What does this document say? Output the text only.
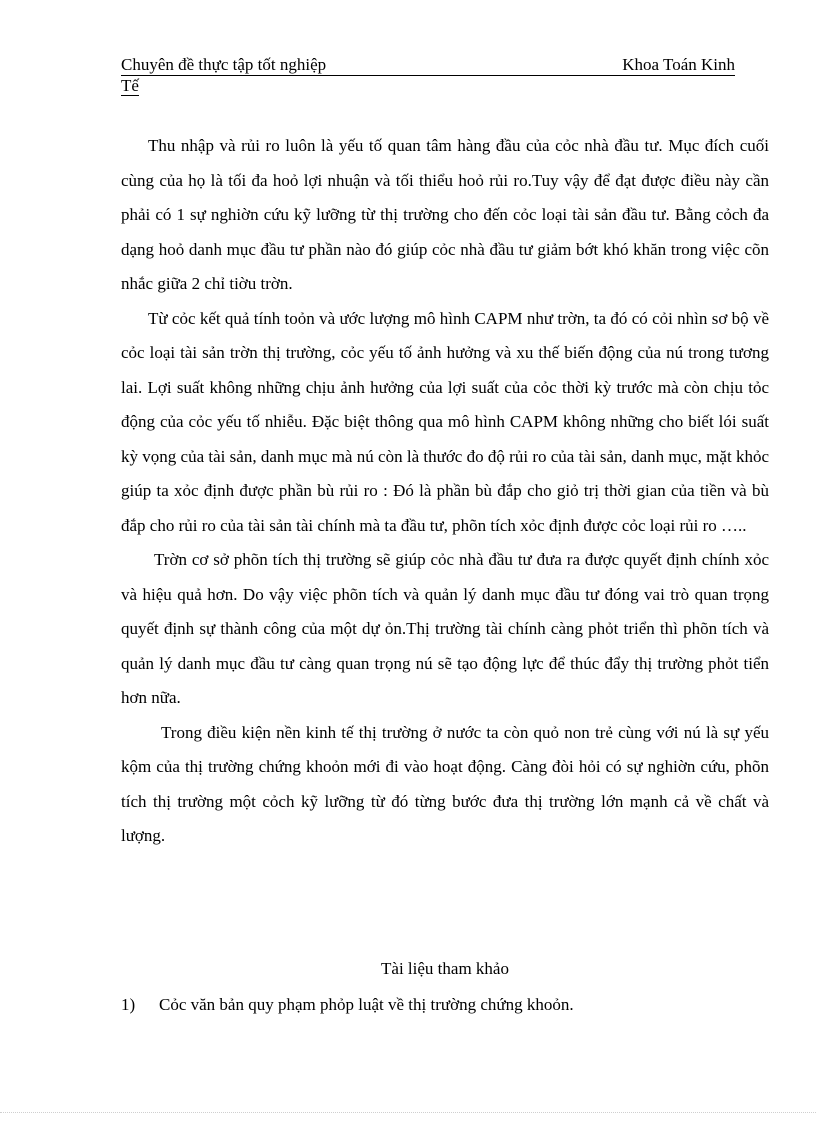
Chuyên đề thực tập tốt nghiệp	Khoa Toán Kinh
Tế

Thu nhập và rủi ro luôn là yếu tố quan tâm hàng đầu của cỏc nhà đầu tư. Mục đích cuối cùng của họ là tối đa hoỏ lợi nhuận và tối thiểu hoỏ rủi ro.Tuy vậy để đạt được điều này cần phải có 1 sự nghiờn cứu kỹ lưỡng từ thị trường cho đến cỏc loại tài sản đầu tư. Bằng cỏch đa dạng hoỏ danh mục đầu tư phần nào đó giúp cỏc nhà đầu tư giảm bớt khó khăn trong việc cõn nhắc giữa 2 chỉ tiờu trờn.

Từ cỏc kết quả tính toỏn và ước lượng mô hình CAPM như trờn, ta đó có cỏi nhìn sơ bộ về cỏc loại tài sản trờn thị trường, cỏc yếu tố ảnh hưởng và xu thế biến động của nú trong tương lai. Lợi suất không những chịu ảnh hưởng của lợi suất của cỏc thời kỳ trước mà còn chịu tỏc động của cỏc yếu tố nhiễu. Đặc biệt thông qua mô hình CAPM không những cho biết lói suất kỳ vọng của tài sản, danh mục mà nú còn là thước đo độ rủi ro của tài sản, danh mục, mặt khỏc giúp ta xỏc định được phần bù rủi ro : Đó là phần bù đắp cho giỏ trị thời gian của tiền và bù đắp cho rủi ro của tài sản tài chính mà ta đầu tư, phõn tích xỏc định được cỏc loại rủi ro …..

Trờn cơ sở phõn tích thị trường sẽ giúp cỏc nhà đầu tư đưa ra được quyết định chính xỏc và hiệu quả hơn. Do vậy việc phõn tích và quản lý danh mục đầu tư đóng vai trò quan trọng quyết định sự thành công của một dự ỏn.Thị trường tài chính càng phỏt triển thì phõn tích và quản lý danh mục đầu tư càng quan trọng nú sẽ tạo động lực để thúc đẩy thị trường phỏt tiển hơn nữa.

Trong điều kiện nền kinh tế thị trường ở nước ta còn quỏ non trẻ cùng với nú là sự yếu kộm của thị trường chứng khoỏn mới đi vào hoạt động. Càng đòi hỏi có sự nghiờn cứu, phõn tích thị trường một cỏch kỹ lưỡng từ đó từng bước đưa thị trường lớn mạnh cả về chất và lượng.

Tài liệu tham khảo
1)	Cỏc văn bản quy phạm phỏp luật về thị trường chứng khoỏn.
